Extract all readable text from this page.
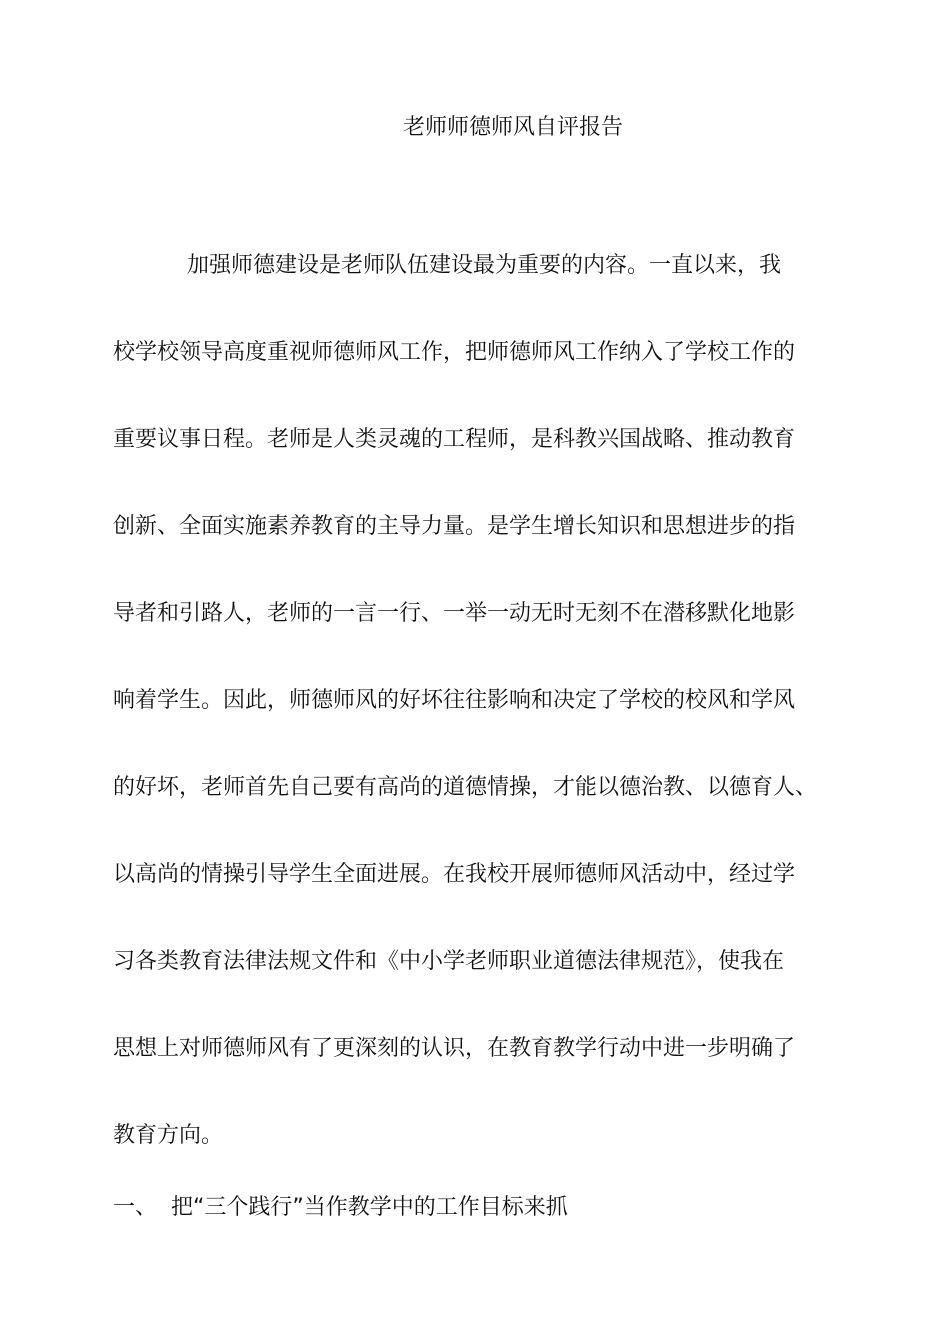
老师师德师风自评报告
加强师德建设是老师队伍建设最为重要的内容。一直以来，我
校学校领导高度重视师德师风工作，把师德师风工作纳入了学校工作的
重要议事日程。老师是人类灵魂的工程师，是科教兴国战略、推动教育
创新、全面实施素养教育的主导力量。是学生增长知识和思想进步的指
导者和引路人，老师的一言一行、一举一动无时无刻不在潜移默化地影
响着学生。因此，师德师风的好坏往往影响和决定了学校的校风和学风
的好坏，老师首先自己要有高尚的道德情操，才能以德治教、以德育人、
以高尚的情操引导学生全面进展。在我校开展师德师风活动中，经过学
习各类教育法律法规文件和《中小学老师职业道德法律规范》，使我在
思想上对师德师风有了更深刻的认识，在教育教学行动中进一步明确了
教育方向。
一、 把“三个践行”当作教学中的工作目标来抓
